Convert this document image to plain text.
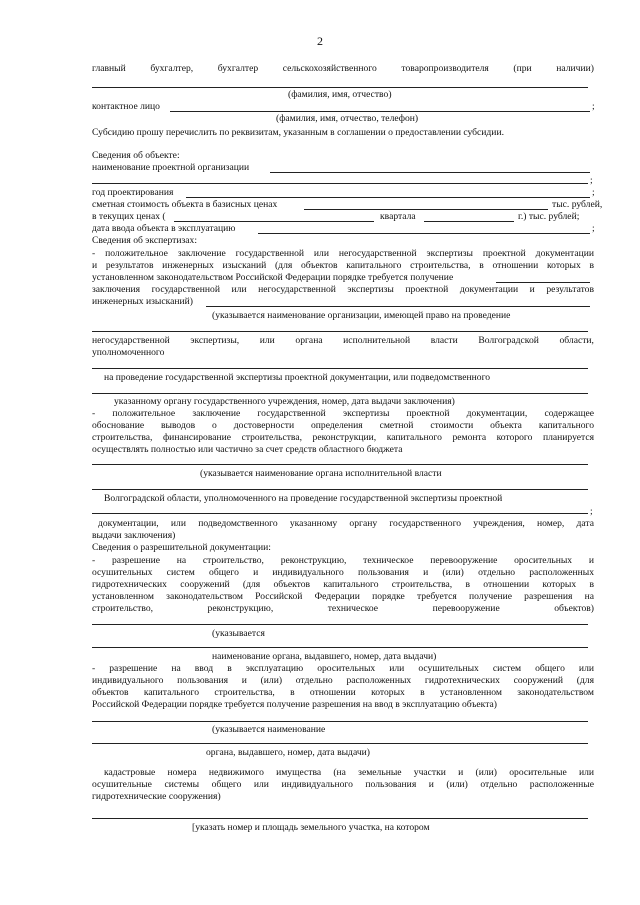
2
главный	бухгалтер,	бухгалтер	сельскохозяйственного	товаропроизводителя	(при	наличии)
(фамилия, имя, отчество)
контактное лицо	;
(фамилия, имя, отчество, телефон)
Субсидию прошу перечислить по реквизитам, указанным в соглашении о предоставлении субсидии.
Сведения об объекте:
наименование проектной организации
;
год проектирования	;
сметная стоимость объекта в базисных ценах	тыс. рублей,
в текущих ценах (	квартала	г.) тыс. рублей;
дата ввода объекта в эксплуатацию	;
Сведения об экспертизах:
- положительное заключение государственной или негосударственной экспертизы проектной документации
и результатов инженерных изысканий (для объектов капитального строительства, в отношении которых в
установленном законодательством Российской Федерации порядке требуется получение
заключения государственной или негосударственной экспертизы проектной документации и результатов
инженерных изысканий)
(указывается наименование организации, имеющей право на проведение
негосударственной экспертизы, или органа исполнительной власти Волгоградской области,
уполномоченного
на проведение государственной экспертизы проектной документации, или подведомственного
указанному органу государственного учреждения, номер, дата выдачи заключения)
- положительное заключение государственной экспертизы проектной документации, содержащее
обоснование выводов о достоверности определения сметной стоимости объекта капитального
строительства, финансирование строительства, реконструкции, капитального ремонта которого планируется
осуществлять полностью или частично за счет средств областного бюджета
(указывается наименование органа исполнительной власти
Волгоградской области, уполномоченного на проведение государственной экспертизы проектной
;
документации, или подведомственного указанному органу государственного учреждения, номер, дата
выдачи заключения)
Сведения о разрешительной документации:
- разрешение на строительство, реконструкцию, техническое перевооружение оросительных и
осушительных систем общего и индивидуального пользования и (или) отдельно расположенных
гидротехнических сооружений (для объектов капитального строительства, в отношении которых в
установленном законодательством Российской Федерации порядке требуется получение разрешения на
строительство, реконструкцию, техническое перевооружение объектов)
(указывается
наименование органа, выдавшего, номер, дата выдачи)
- разрешение на ввод в эксплуатацию оросительных или осушительных систем общего или
индивидуального пользования и (или) отдельно расположенных гидротехнических сооружений (для
объектов капитального строительства, в отношении которых в установленном законодательством
Российской Федерации порядке требуется получение разрешения на ввод в эксплуатацию объекта)
(указывается наименование
органа, выдавшего, номер, дата выдачи)
кадастровые номера недвижимого имущества (на земельные участки и (или) оросительные или
осушительные системы общего или индивидуального пользования и (или) отдельно расположенные
гидротехнические сооружения)
[указать номер и площадь земельного участка, на котором
